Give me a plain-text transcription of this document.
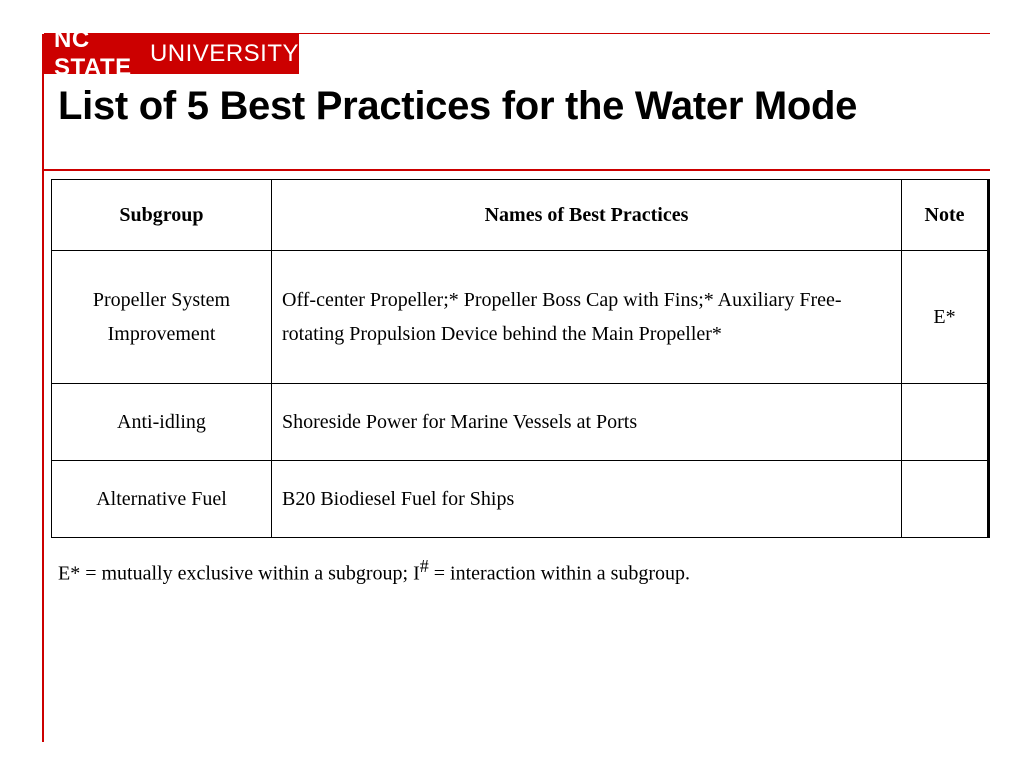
NC STATE
UNIVERSITY
List of 5 Best Practices for the Water Mode
Subgroup	Names of Best Practices	Note
Propeller System
Improvement	Off-center Propeller;* Propeller Boss Cap with Fins;* Auxiliary Free-rotating Propulsion Device behind the Main Propeller*	E*
Anti-idling	Shoreside Power for Marine Vessels at Ports	
Alternative Fuel	B20 Biodiesel Fuel for Ships	

E* = mutually exclusive within a subgroup; I# = interaction within a subgroup.
